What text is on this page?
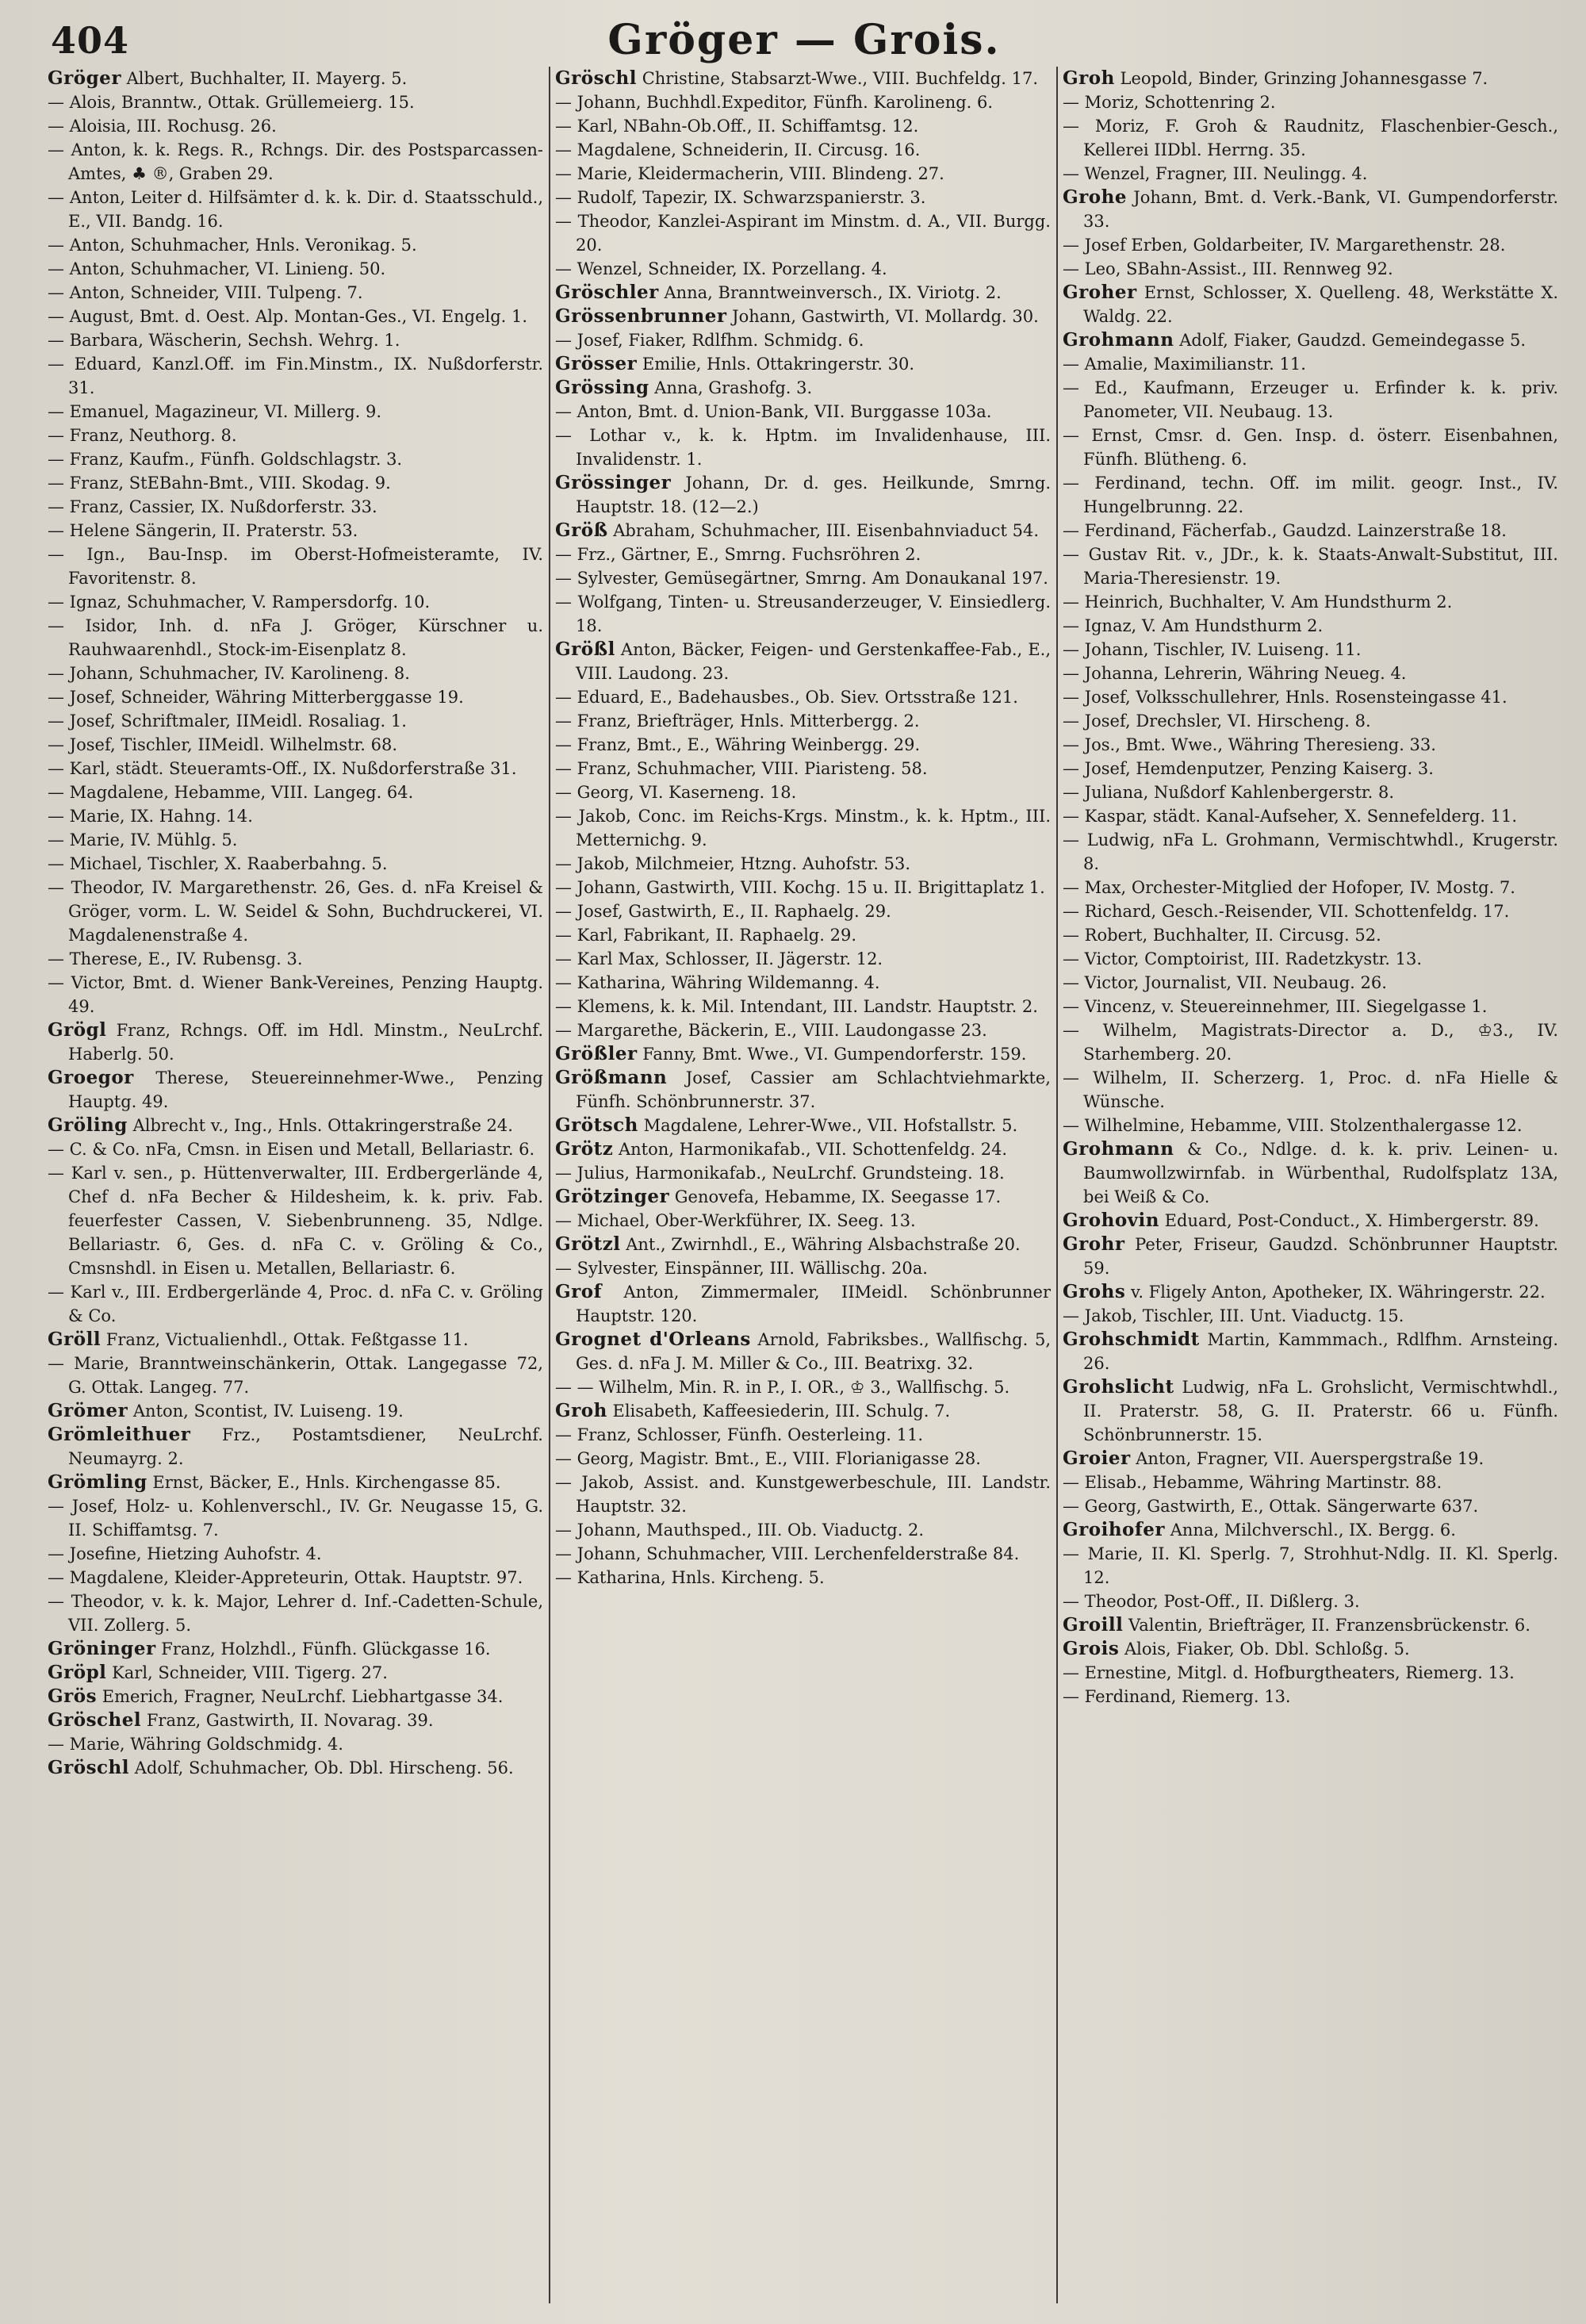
404	Gröger — Grois.
Gröger Albert, Buchhalter, II. Mayerg. 5.
— Alois, Branntw., Ottak. Grüllemeierg. 15.
— Aloisia, III. Rochusg. 26.
— Anton, k. k. Regs. R., Rchngs. Dir. des Postsparcassen-Amtes, ♣ ®, Graben 29.
— Anton, Leiter d. Hilfsämter d. k. k. Dir. d. Staatsschuld., E., VII. Bandg. 16.
— Anton, Schuhmacher, Hnls. Veronikag. 5.
— Anton, Schuhmacher, VI. Linieng. 50.
— Anton, Schneider, VIII. Tulpeng. 7.
— August, Bmt. d. Oest. Alp. Montan-Ges., VI. Engelg. 1.
— Barbara, Wäscherin, Sechsh. Wehrg. 1.
— Eduard, Kanzl.Off. im Fin.Minstm., IX. Nußdorferstr. 31.
— Emanuel, Magazineur, VI. Millerg. 9.
— Franz, Neuthorg. 8.
— Franz, Kaufm., Fünfh. Goldschlagstr. 3.
— Franz, StEBahn-Bmt., VIII. Skodag. 9.
— Franz, Cassier, IX. Nußdorferstr. 33.
— Helene Sängerin, II. Praterstr. 53.
— Ign., Bau-Insp. im Oberst-Hofmeisteramte, IV. Favoritenstr. 8.
— Ignaz, Schuhmacher, V. Rampersdorfg. 10.
— Isidor, Inh. d. nFa J. Gröger, Kürschner u. Rauhwaarenhdl., Stock-im-Eisenplatz 8.
— Johann, Schuhmacher, IV. Karolineng. 8.
— Josef, Schneider, Währing Mitterberggasse 19.
— Josef, Schriftmaler, IIMeidl. Rosaliag. 1.
— Josef, Tischler, IIMeidl. Wilhelmstr. 68.
— Karl, städt. Steueramts-Off., IX. Nußdorferstraße 31.
— Magdalene, Hebamme, VIII. Langeg. 64.
— Marie, IX. Hahng. 14.
— Marie, IV. Mühlg. 5.
— Michael, Tischler, X. Raaberbahng. 5.
— Theodor, IV. Margarethenstr. 26, Ges. d. nFa Kreisel & Gröger, vorm. L. W. Seidel & Sohn, Buchdruckerei, VI. Magdalenenstraße 4.
— Therese, E., IV. Rubensg. 3.
— Victor, Bmt. d. Wiener Bank-Vereines, Penzing Hauptg. 49.
Grögl Franz, Rchngs. Off. im Hdl. Minstm., NeuLrchf. Haberlg. 50.
Groegor Therese, Steuereinnehmer-Wwe., Penzing Hauptg. 49.
Gröling Albrecht v., Ing., Hnls. Ottakringerstraße 24.
— C. & Co. nFa, Cmsn. in Eisen und Metall, Bellariastr. 6.
— Karl v. sen., p. Hüttenverwalter, III. Erdbergerlände 4, Chef d. nFa Becher & Hildesheim, k. k. priv. Fab. feuerfester Cassen, V. Siebenbrunneng. 35, Ndlge. Bellariastr. 6, Ges. d. nFa C. v. Gröling & Co., Cmsnshdl. in Eisen u. Metallen, Bellariastr. 6.
— Karl v., III. Erdbergerlände 4, Proc. d. nFa C. v. Gröling & Co.
Gröll Franz, Victualienhdl., Ottak. Feßtgasse 11.
— Marie, Branntweinschänkerin, Ottak. Langegasse 72, G. Ottak. Langeg. 77.
Grömer Anton, Scontist, IV. Luiseng. 19.
Grömleithuer Frz., Postamtsdiener, NeuLrchf. Neumayrg. 2.
Grömling Ernst, Bäcker, E., Hnls. Kirchengasse 85.
— Josef, Holz- u. Kohlenverschl., IV. Gr. Neugasse 15, G. II. Schiffamtsg. 7.
— Josefine, Hietzing Auhofstr. 4.
— Magdalene, Kleider-Appreteurin, Ottak. Hauptstr. 97.
— Theodor, v. k. k. Major, Lehrer d. Inf.-Cadetten-Schule, VII. Zollerg. 5.
Gröninger Franz, Holzhdl., Fünfh. Glückgasse 16.
Gröpl Karl, Schneider, VIII. Tigerg. 27.
Grös Emerich, Fragner, NeuLrchf. Liebhartgasse 34.
Gröschel Franz, Gastwirth, II. Novarag. 39.
— Marie, Währing Goldschmidg. 4.
Gröschl Adolf, Schuhmacher, Ob. Dbl. Hirscheng. 56.
Gröschl Christine, Stabsarzt-Wwe., VIII. Buchfeldg. 17.
— Johann, Buchhdl.Expeditor, Fünfh. Karolineng. 6.
— Karl, NBahn-Ob.Off., II. Schiffamtsg. 12.
— Magdalene, Schneiderin, II. Circusg. 16.
— Marie, Kleidermacherin, VIII. Blindeng. 27.
— Rudolf, Tapezir, IX. Schwarzspanierstr. 3.
— Theodor, Kanzlei-Aspirant im Minstm. d. A., VII. Burgg. 20.
— Wenzel, Schneider, IX. Porzellang. 4.
Gröschler Anna, Branntweinversch., IX. Viriotg. 2.
Grössenbrunner Johann, Gastwirth, VI. Mollardg. 30.
— Josef, Fiaker, Rdlfhm. Schmidg. 6.
Grösser Emilie, Hnls. Ottakringerstr. 30.
Grössing Anna, Grashofg. 3.
— Anton, Bmt. d. Union-Bank, VII. Burggasse 103a.
— Lothar v., k. k. Hptm. im Invalidenhause, III. Invalidenstr. 1.
Grössinger Johann, Dr. d. ges. Heilkunde, Smrng. Hauptstr. 18. (12—2.)
Größ Abraham, Schuhmacher, III. Eisenbahnviaduct 54.
— Frz., Gärtner, E., Smrng. Fuchsröhren 2.
— Sylvester, Gemüsegärtner, Smrng. Am Donaukanal 197.
— Wolfgang, Tinten- u. Streusanderzeuger, V. Einsiedlerg. 18.
Größl Anton, Bäcker, Feigen- und Gerstenkaffee-Fab., E., VIII. Laudong. 23.
— Eduard, E., Badehausbes., Ob. Siev. Ortsstraße 121.
— Franz, Briefträger, Hnls. Mitterbergg. 2.
— Franz, Bmt., E., Währing Weinbergg. 29.
— Franz, Schuhmacher, VIII. Piaristeng. 58.
— Georg, VI. Kaserneng. 18.
— Jakob, Conc. im Reichs-Krgs. Minstm., k. k. Hptm., III. Metternichg. 9.
— Jakob, Milchmeier, Htzng. Auhofstr. 53.
— Johann, Gastwirth, VIII. Kochg. 15 u. II. Brigittaplatz 1.
— Josef, Gastwirth, E., II. Raphaelg. 29.
— Karl, Fabrikant, II. Raphaelg. 29.
— Karl Max, Schlosser, II. Jägerstr. 12.
— Katharina, Währing Wildemanng. 4.
— Klemens, k. k. Mil. Intendant, III. Landstr. Hauptstr. 2.
— Margarethe, Bäckerin, E., VIII. Laudongasse 23.
Größler Fanny, Bmt. Wwe., VI. Gumpendorferstr. 159.
Größmann Josef, Cassier am Schlachtviehmarkte, Fünfh. Schönbrunnerstr. 37.
Grötsch Magdalene, Lehrer-Wwe., VII. Hofstallstr. 5.
Grötz Anton, Harmonikafab., VII. Schottenfeldg. 24.
— Julius, Harmonikafab., NeuLrchf. Grundsteing. 18.
Grötzinger Genovefa, Hebamme, IX. Seegasse 17.
— Michael, Ober-Werkführer, IX. Seeg. 13.
Grötzl Ant., Zwirnhdl., E., Währing Alsbachstraße 20.
— Sylvester, Einspänner, III. Wällischg. 20a.
Grof Anton, Zimmermaler, IIMeidl. Schönbrunner Hauptstr. 120.
Grognet d'Orleans Arnold, Fabriksbes., Wallfischg. 5, Ges. d. nFa J. M. Miller & Co., III. Beatrixg. 32.
— — Wilhelm, Min. R. in P., I. OR., ♔ 3., Wallfischg. 5.
Groh Elisabeth, Kaffeesiederin, III. Schulg. 7.
— Franz, Schlosser, Fünfh. Oesterleing. 11.
— Georg, Magistr. Bmt., E., VIII. Florianigasse 28.
— Jakob, Assist. and. Kunstgewerbeschule, III. Landstr. Hauptstr. 32.
— Johann, Mauthsped., III. Ob. Viaductg. 2.
— Johann, Schuhmacher, VIII. Lerchenfelderstraße 84.
— Katharina, Hnls. Kircheng. 5.
Groh Leopold, Binder, Grinzing Johannesgasse 7.
— Moriz, Schottenring 2.
— Moriz, F. Groh & Raudnitz, Flaschenbier-Gesch., Kellerei IIDbl. Herrng. 35.
— Wenzel, Fragner, III. Neulingg. 4.
Grohe Johann, Bmt. d. Verk.-Bank, VI. Gumpendorferstr. 33.
— Josef Erben, Goldarbeiter, IV. Margarethenstr. 28.
— Leo, SBahn-Assist., III. Rennweg 92.
Groher Ernst, Schlosser, X. Quelleng. 48, Werkstätte X. Waldg. 22.
Grohmann Adolf, Fiaker, Gaudzd. Gemeindegasse 5.
— Amalie, Maximilianstr. 11.
— Ed., Kaufmann, Erzeuger u. Erfinder k. k. priv. Panometer, VII. Neubaug. 13.
— Ernst, Cmsr. d. Gen. Insp. d. österr. Eisenbahnen, Fünfh. Blütheng. 6.
— Ferdinand, techn. Off. im milit. geogr. Inst., IV. Hungelbrunng. 22.
— Ferdinand, Fächerfab., Gaudzd. Lainzerstraße 18.
— Gustav Rit. v., JDr., k. k. Staats-Anwalt-Substitut, III. Maria-Theresienstr. 19.
— Heinrich, Buchhalter, V. Am Hundsthurm 2.
— Ignaz, V. Am Hundsthurm 2.
— Johann, Tischler, IV. Luiseng. 11.
— Johanna, Lehrerin, Währing Neueg. 4.
— Josef, Volksschullehrer, Hnls. Rosensteingasse 41.
— Josef, Drechsler, VI. Hirscheng. 8.
— Jos., Bmt. Wwe., Währing Theresieng. 33.
— Josef, Hemdenputzer, Penzing Kaiserg. 3.
— Juliana, Nußdorf Kahlenbergerstr. 8.
— Kaspar, städt. Kanal-Aufseher, X. Sennefelderg. 11.
— Ludwig, nFa L. Grohmann, Vermischtwhdl., Krugerstr. 8.
— Max, Orchester-Mitglied der Hofoper, IV. Mostg. 7.
— Richard, Gesch.-Reisender, VII. Schottenfeldg. 17.
— Robert, Buchhalter, II. Circusg. 52.
— Victor, Comptoirist, III. Radetzkystr. 13.
— Victor, Journalist, VII. Neubaug. 26.
— Vincenz, v. Steuereinnehmer, III. Siegelgasse 1.
— Wilhelm, Magistrats-Director a. D., ♔3., IV. Starhemberg. 20.
— Wilhelm, II. Scherzerg. 1, Proc. d. nFa Hielle & Wünsche.
— Wilhelmine, Hebamme, VIII. Stolzenthalergasse 12.
Grohmann & Co., Ndlge. d. k. k. priv. Leinen- u. Baumwollzwirnfab. in Würbenthal, Rudolfsplatz 13A, bei Weiß & Co.
Grohovin Eduard, Post-Conduct., X. Himbergerstr. 89.
Grohr Peter, Friseur, Gaudzd. Schönbrunner Hauptstr. 59.
Grohs v. Fligely Anton, Apotheker, IX. Währingerstr. 22.
— Jakob, Tischler, III. Unt. Viaductg. 15.
Grohschmidt Martin, Kammmach., Rdlfhm. Arnsteing. 26.
Grohslicht Ludwig, nFa L. Grohslicht, Vermischtwhdl., II. Praterstr. 58, G. II. Praterstr. 66 u. Fünfh. Schönbrunnerstr. 15.
Groier Anton, Fragner, VII. Auerspergstraße 19.
— Elisab., Hebamme, Währing Martinstr. 88.
— Georg, Gastwirth, E., Ottak. Sängerwarte 637.
Groihofer Anna, Milchverschl., IX. Bergg. 6.
— Marie, II. Kl. Sperlg. 7, Strohhut-Ndlg. II. Kl. Sperlg. 12.
— Theodor, Post-Off., II. Dißlerg. 3.
Groill Valentin, Briefträger, II. Franzensbrückenstr. 6.
Grois Alois, Fiaker, Ob. Dbl. Schloßg. 5.
— Ernestine, Mitgl. d. Hofburgtheaters, Riemerg. 13.
— Ferdinand, Riemerg. 13.
